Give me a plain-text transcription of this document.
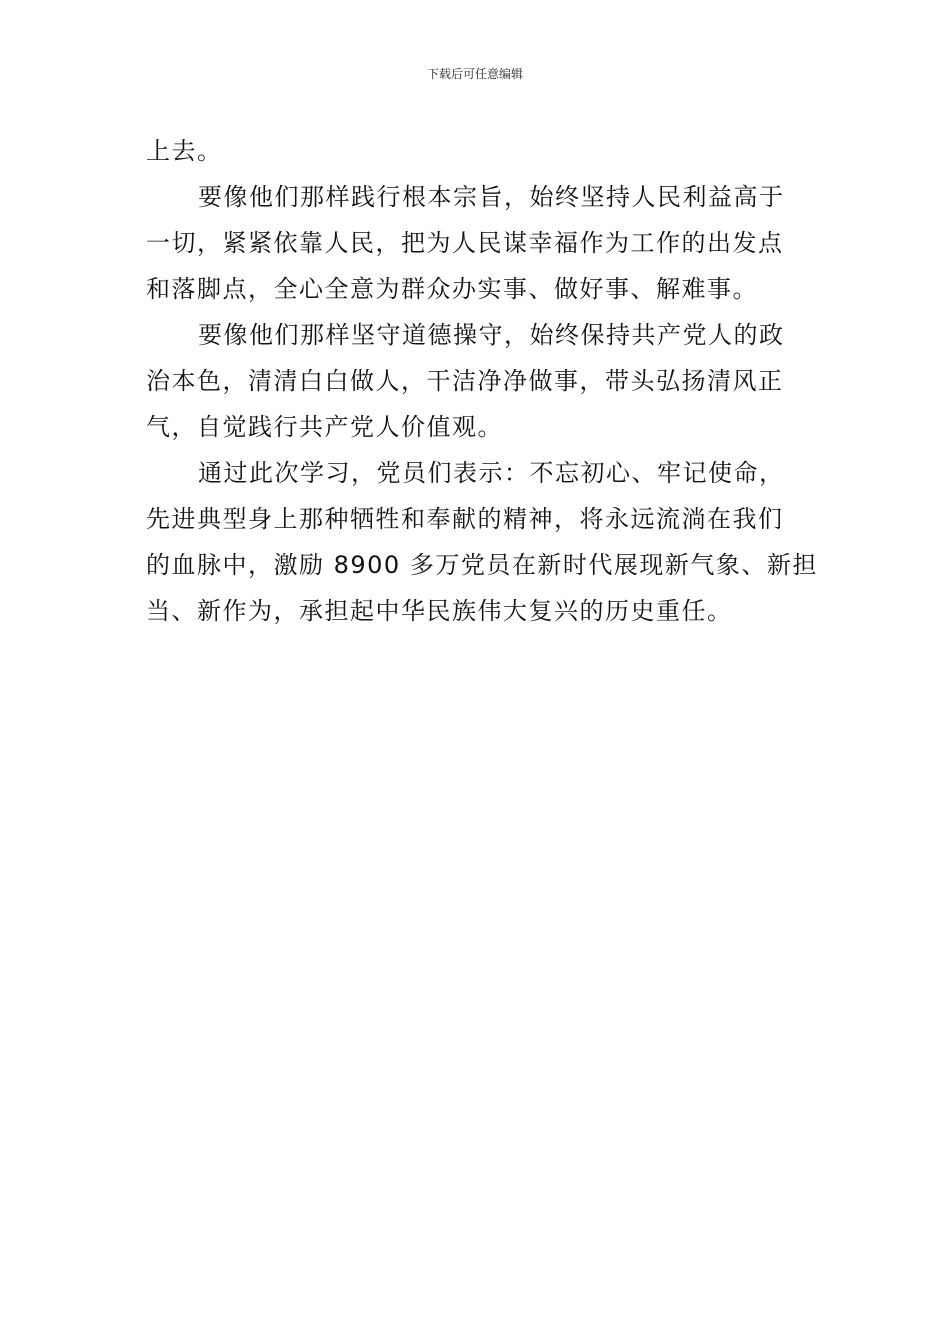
下载后可任意编辑
上去。
要像他们那样践行根本宗旨，始终坚持人民利益高于
一切，紧紧依靠人民，把为人民谋幸福作为工作的出发点
和落脚点，全心全意为群众办实事、做好事、解难事。
要像他们那样坚守道德操守，始终保持共产党人的政
治本色，清清白白做人，干洁净净做事，带头弘扬清风正
气，自觉践行共产党人价值观。
通过此次学习，党员们表示：不忘初心、牢记使命，
先进典型身上那种牺牲和奉献的精神，将永远流淌在我们
的血脉中，激励 8900 多万党员在新时代展现新气象、新担
当、新作为，承担起中华民族伟大复兴的历史重任。
